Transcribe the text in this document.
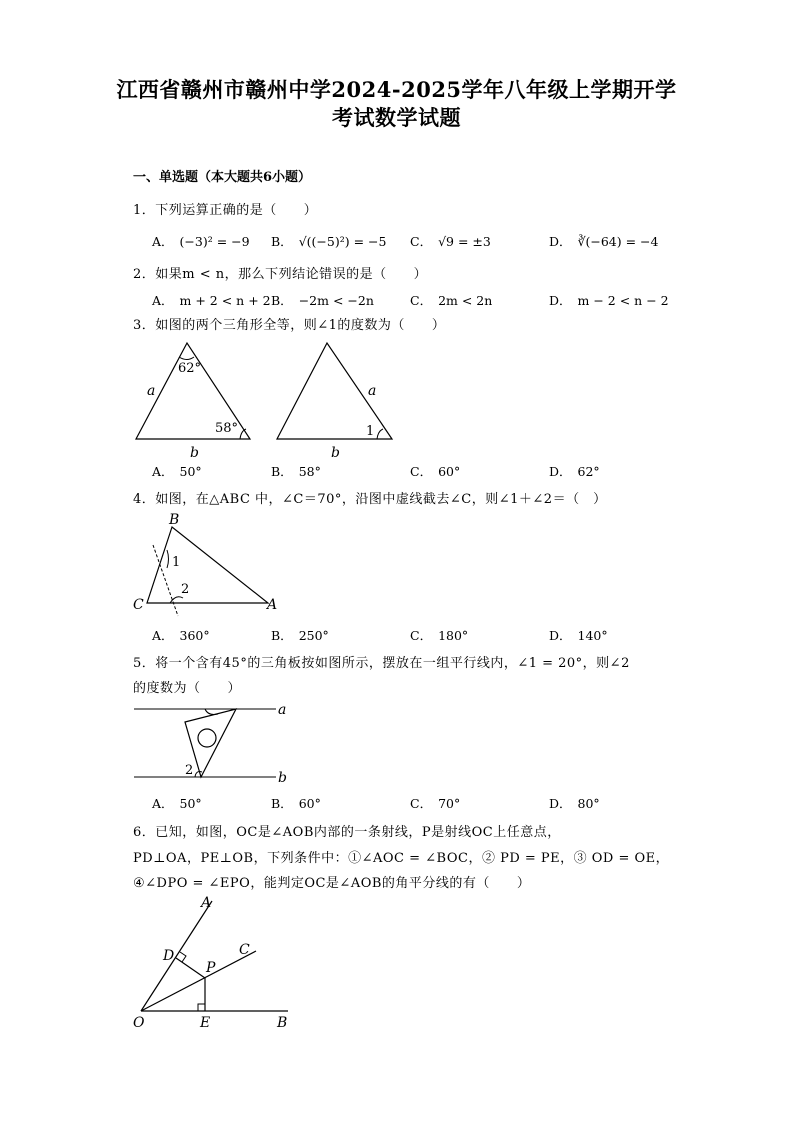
江西省赣州市赣州中学2024-2025学年八年级上学期开学
考试数学试题
一、单选题（本大题共6小题）
1．下列运算正确的是（　　）
A． (−3)² = −9 B． √((−5)²) = −5 C． √9 = ±3	D． ∛(−64) = −4
2．如果m < n，那么下列结论错误的是（　　）
A． m + 2 < n + 2 B． −2m < −2n	C． 2m < 2n	D． m − 2 < n − 2
3．如图的两个三角形全等，则∠1的度数为（　　）
62°
58°
a
b
1
a
b
A． 50°	B． 58°	C． 60°	D． 62°
4．如图，在△ABC 中，∠C＝70°，沿图中虚线截去∠C，则∠1＋∠2＝（　）
B
C	A
1
2
A． 360°	B． 250°	C． 180°	D． 140°
5．将一个含有45°的三角板按如图所示，摆放在一组平行线内，∠1 = 20°，则∠2
的度数为（　　）
a
b
2
A． 50°	B． 60°	C． 70°	D． 80°
6．已知，如图，OC是∠AOB内部的一条射线，P是射线OC上任意点，
PD⊥OA，PE⊥OB，下列条件中：①∠AOC = ∠BOC，② PD = PE，③ OD = OE，
④∠DPO = ∠EPO，能判定OC是∠AOB的角平分线的有（　　）
A
D	C
P
O	E	B
